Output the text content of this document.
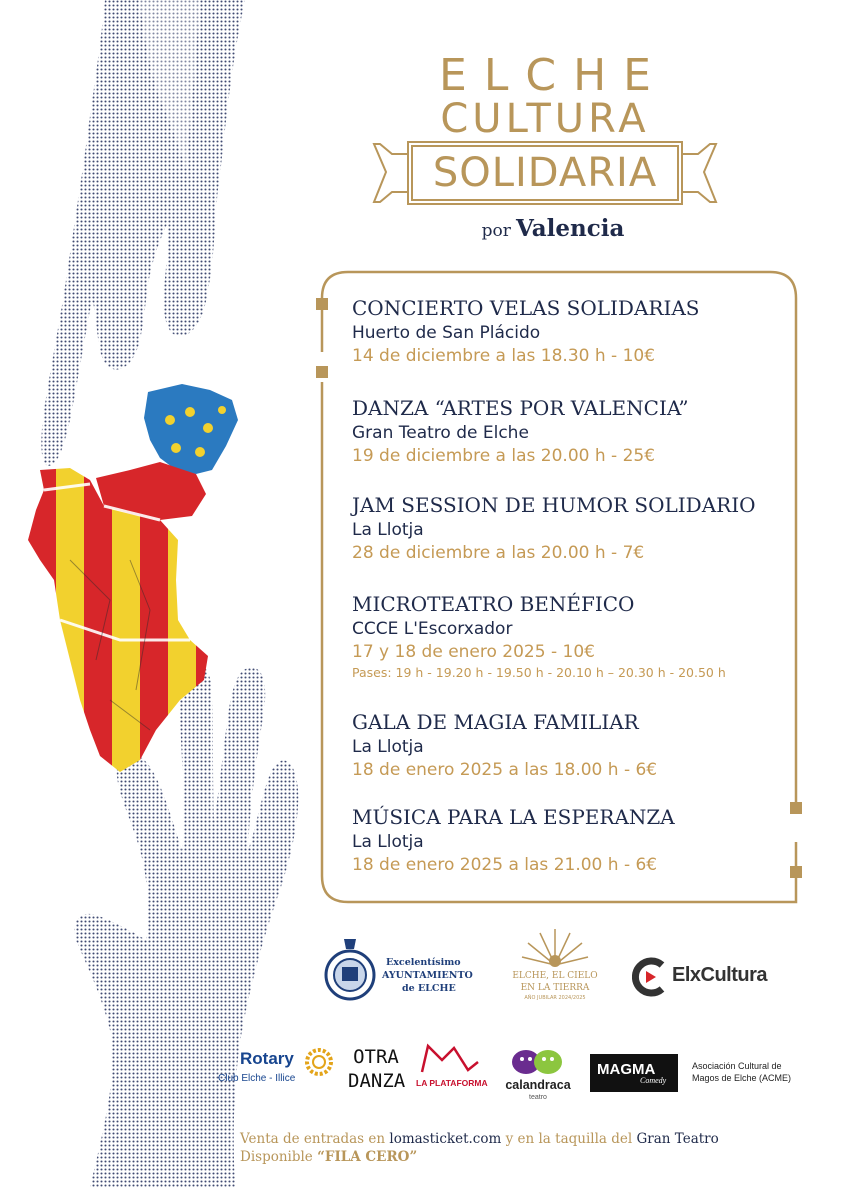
ELCHE
CULTURA
SOLIDARIA
por Valencia
CONCIERTO VELAS SOLIDARIAS
Huerto de San Plácido
14 de diciembre a las 18.30 h - 10€
DANZA “ARTES POR VALENCIA”
Gran Teatro de Elche
19 de diciembre a las 20.00 h - 25€
JAM SESSION DE HUMOR SOLIDARIO
La Llotja
28 de diciembre a las 20.00 h - 7€
MICROTEATRO BENÉFICO
CCCE L'Escorxador
17 y 18 de enero 2025 - 10€
Pases: 19 h - 19.20 h - 19.50 h - 20.10 h – 20.30 h - 20.50 h
GALA DE MAGIA FAMILIAR
La Llotja
18 de enero 2025 a las 18.00 h - 6€
MÚSICA PARA LA ESPERANZA
La Llotja
18 de enero 2025 a las 21.00 h - 6€
Excelentísimo
AYUNTAMIENTO
de ELCHE
ELCHE, EL CIELO
EN LA TIERRA
AÑO JUBILAR 2024/2025
ElxCultura
Rotary
Club Elche - Illice
OTRA
DANZA LA PLATAFORMA	calandraca
teatro
MAGMA
Comedy
Asociación Cultural de
Magos de Elche (ACME)
Venta de entradas en lomasticket.com y en la taquilla del Gran Teatro
Disponible “FILA CERO”
